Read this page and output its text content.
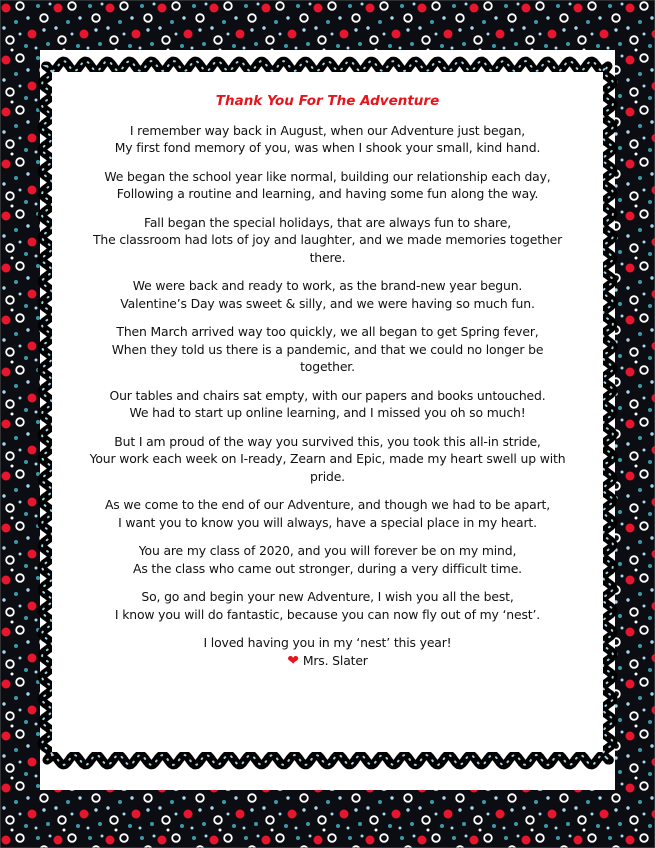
Thank You For The Adventure
I remember way back in August, when our Adventure just began,
My first fond memory of you, was when I shook your small, kind hand.
We began the school year like normal, building our relationship each day,
Following a routine and learning, and having some fun along the way.
Fall began the special holidays, that are always fun to share,
The classroom had lots of joy and laughter, and we made memories together
there.
We were back and ready to work, as the brand-new year begun.
Valentine’s Day was sweet & silly, and we were having so much fun.
Then March arrived way too quickly, we all began to get Spring fever,
When they told us there is a pandemic, and that we could no longer be
together.
Our tables and chairs sat empty, with our papers and books untouched.
We had to start up online learning, and I missed you oh so much!
But I am proud of the way you survived this, you took this all-in stride,
Your work each week on I-ready, Zearn and Epic, made my heart swell up with
pride.
As we come to the end of our Adventure, and though we had to be apart,
I want you to know you will always, have a special place in my heart.
You are my class of 2020, and you will forever be on my mind,
As the class who came out stronger, during a very difficult time.
So, go and begin your new Adventure, I wish you all the best,
I know you will do fantastic, because you can now fly out of my ‘nest’.
I loved having you in my ‘nest’ this year!
❤ Mrs. Slater
